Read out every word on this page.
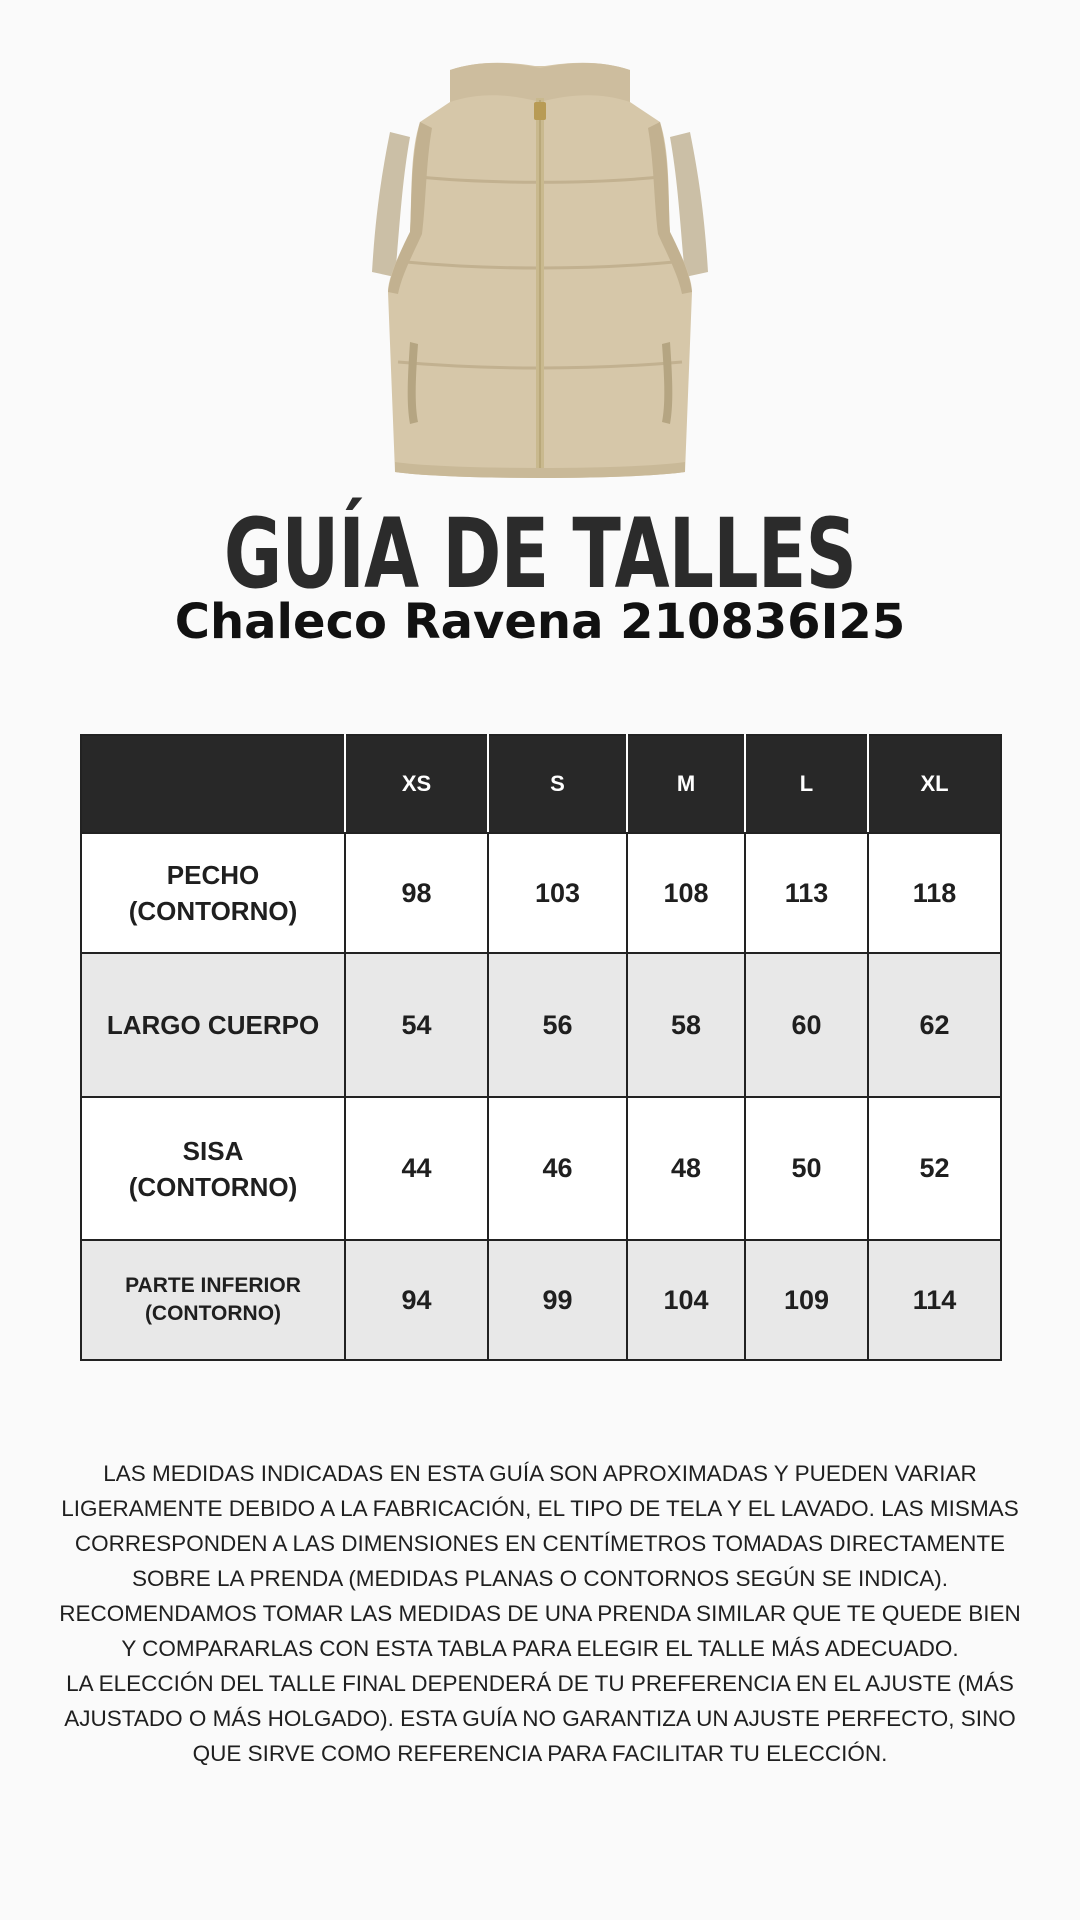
GUÍA DE TALLES
Chaleco Ravena 210836I25
	XS	S	M	L	XL

PECHO
(CONTORNO)	98	103	108	113	118

LARGO CUERPO	54	56	58	60	62

SISA
(CONTORNO)	44	46	48	50	52

PARTE INFERIOR
(CONTORNO)	94	99	104	109	114

LAS MEDIDAS INDICADAS EN ESTA GUÍA SON APROXIMADAS Y PUEDEN VARIAR LIGERAMENTE DEBIDO A LA FABRICACIÓN, EL TIPO DE TELA Y EL LAVADO. LAS MISMAS CORRESPONDEN A LAS DIMENSIONES EN CENTÍMETROS TOMADAS DIRECTAMENTE SOBRE LA PRENDA (MEDIDAS PLANAS O CONTORNOS SEGÚN SE INDICA).

RECOMENDAMOS TOMAR LAS MEDIDAS DE UNA PRENDA SIMILAR QUE TE QUEDE BIEN Y COMPARARLAS CON ESTA TABLA PARA ELEGIR EL TALLE MÁS ADECUADO.

LA ELECCIÓN DEL TALLE FINAL DEPENDERÁ DE TU PREFERENCIA EN EL AJUSTE (MÁS AJUSTADO O MÁS HOLGADO). ESTA GUÍA NO GARANTIZA UN AJUSTE PERFECTO, SINO QUE SIRVE COMO REFERENCIA PARA FACILITAR TU ELECCIÓN.
